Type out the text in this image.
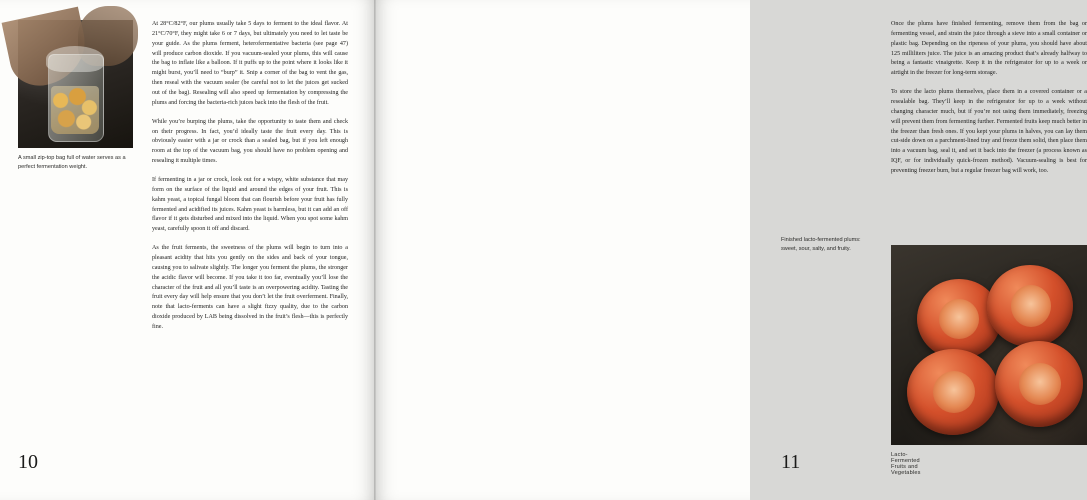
A small zip-top bag full of water serves as a perfect fermentation weight.

At 28°C/82°F, our plums usually take 5 days to ferment to the ideal flavor. At 21°C/70°F, they might take 6 or 7 days, but ultimately you need to let taste be your guide. As the plums ferment, heterofermentative bacteria (see page 47) will produce carbon dioxide. If you vacuum-sealed your plums, this will cause the bag to inflate like a balloon. If it puffs up to the point where it looks like it might burst, you’ll need to “burp” it. Snip a corner of the bag to vent the gas, then reseal with the vacuum sealer (be careful not to let the juices get sucked out of the bag). Resealing will also speed up fermentation by compressing the plums and forcing the bacteria-rich juices back into the flesh of the fruit.

While you’re burping the plums, take the opportunity to taste them and check on their progress. In fact, you’d ideally taste the fruit every day. This is obviously easier with a jar or crock than a sealed bag, but if you left enough room at the top of the vacuum bag, you should have no problem opening and resealing it multiple times.

If fermenting in a jar or crock, look out for a wispy, white substance that may form on the surface of the liquid and around the edges of your fruit. This is kahm yeast, a topical fungal bloom that can flourish before your fruit has fully fermented and acidified its juices. Kahm yeast is harmless, but it can add an off flavor if it gets disturbed and mixed into the liquid. When you spot some kahm yeast, carefully spoon it off and discard.

As the fruit ferments, the sweetness of the plums will begin to turn into a pleasant acidity that hits you gently on the sides and back of your tongue, causing you to salivate slightly. The longer you ferment the plums, the stronger the acidic flavor will become. If you take it too far, eventually you’ll lose the character of the fruit and all you’ll taste is an overpowering acidity. Tasting the fruit every day will help ensure that you don’t let the fruit overferment. Finally, note that lacto-ferments can have a slight fizzy quality, due to the carbon dioxide produced by LAB being dissolved in the fruit’s flesh—this is perfectly fine.

10

Once the plums have finished fermenting, remove them from the bag or fermenting vessel, and strain the juice through a sieve into a small container or plastic bag. Depending on the ripeness of your plums, you should have about 125 milliliters juice. The juice is an amazing product that’s already halfway to being a fantastic vinaigrette. Keep it in the refrigerator for up to a week or airtight in the freezer for long-term storage.

To store the lacto plums themselves, place them in a covered container or a resealable bag. They’ll keep in the refrigerator for up to a week without changing character much, but if you’re not using them immediately, freezing will prevent them from fermenting further. Fermented fruits keep much better in the freezer than fresh ones. If you kept your plums in halves, you can lay them cut-side down on a parchment-lined tray and freeze them solid, then place them into a vacuum bag, seal it, and set it back into the freezer (a process known as IQF, or for individually quick-frozen method). Vacuum-sealing is best for preventing freezer burn, but a regular freezer bag will work, too.

Finished lacto-fermented plums: sweet, sour, salty, and fruity.
11	Lacto-Fermented Fruits and Vegetables
